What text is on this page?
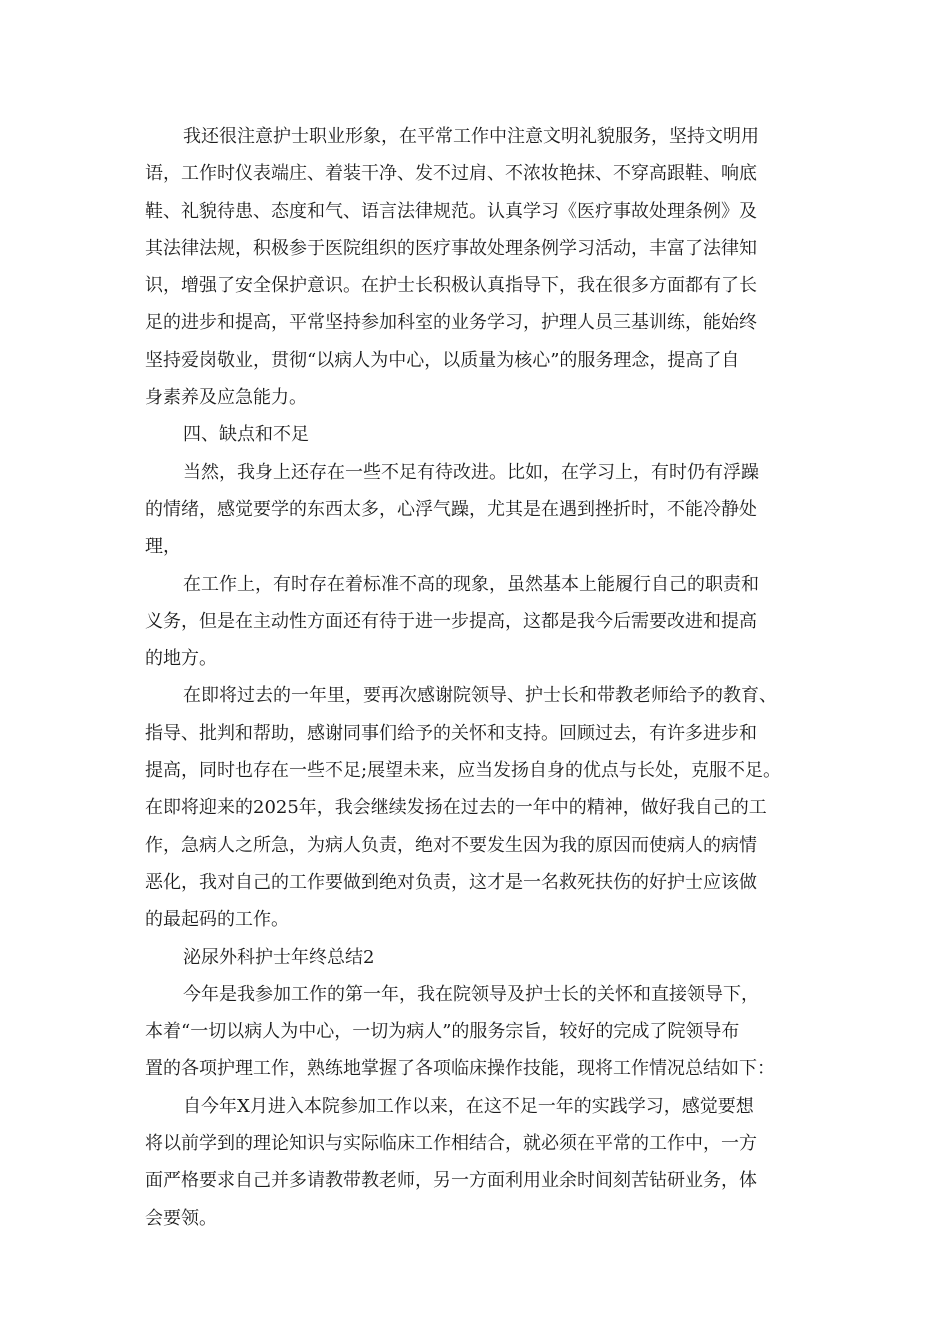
我还很注意护士职业形象，在平常工作中注意文明礼貌服务，坚持文明用
语，工作时仪表端庄、着装干净、发不过肩、不浓妆艳抹、不穿高跟鞋、响底
鞋、礼貌待患、态度和气、语言法律规范。认真学习《医疗事故处理条例》及
其法律法规，积极参于医院组织的医疗事故处理条例学习活动，丰富了法律知
识，增强了安全保护意识。在护士长积极认真指导下，我在很多方面都有了长
足的进步和提高，平常坚持参加科室的业务学习，护理人员三基训练，能始终
坚持爱岗敬业，贯彻“以病人为中心，以质量为核心”的服务理念，提高了自
身素养及应急能力。
四、缺点和不足
当然，我身上还存在一些不足有待改进。比如，在学习上，有时仍有浮躁
的情绪，感觉要学的东西太多，心浮气躁，尤其是在遇到挫折时，不能冷静处
理，
在工作上，有时存在着标准不高的现象，虽然基本上能履行自己的职责和
义务，但是在主动性方面还有待于进一步提高，这都是我今后需要改进和提高
的地方。
在即将过去的一年里，要再次感谢院领导、护士长和带教老师给予的教育、
指导、批判和帮助，感谢同事们给予的关怀和支持。回顾过去，有许多进步和
提高，同时也存在一些不足;展望未来，应当发扬自身的优点与长处，克服不足。
在即将迎来的2025年，我会继续发扬在过去的一年中的精神，做好我自己的工
作，急病人之所急，为病人负责，绝对不要发生因为我的原因而使病人的病情
恶化，我对自己的工作要做到绝对负责，这才是一名救死扶伤的好护士应该做
的最起码的工作。
泌尿外科护士年终总结2
今年是我参加工作的第一年，我在院领导及护士长的关怀和直接领导下，
本着“一切以病人为中心，一切为病人”的服务宗旨，较好的完成了院领导布
置的各项护理工作，熟练地掌握了各项临床操作技能，现将工作情况总结如下：
自今年X月进入本院参加工作以来，在这不足一年的实践学习，感觉要想
将以前学到的理论知识与实际临床工作相结合，就必须在平常的工作中，一方
面严格要求自己并多请教带教老师，另一方面利用业余时间刻苦钻研业务，体
会要领。
